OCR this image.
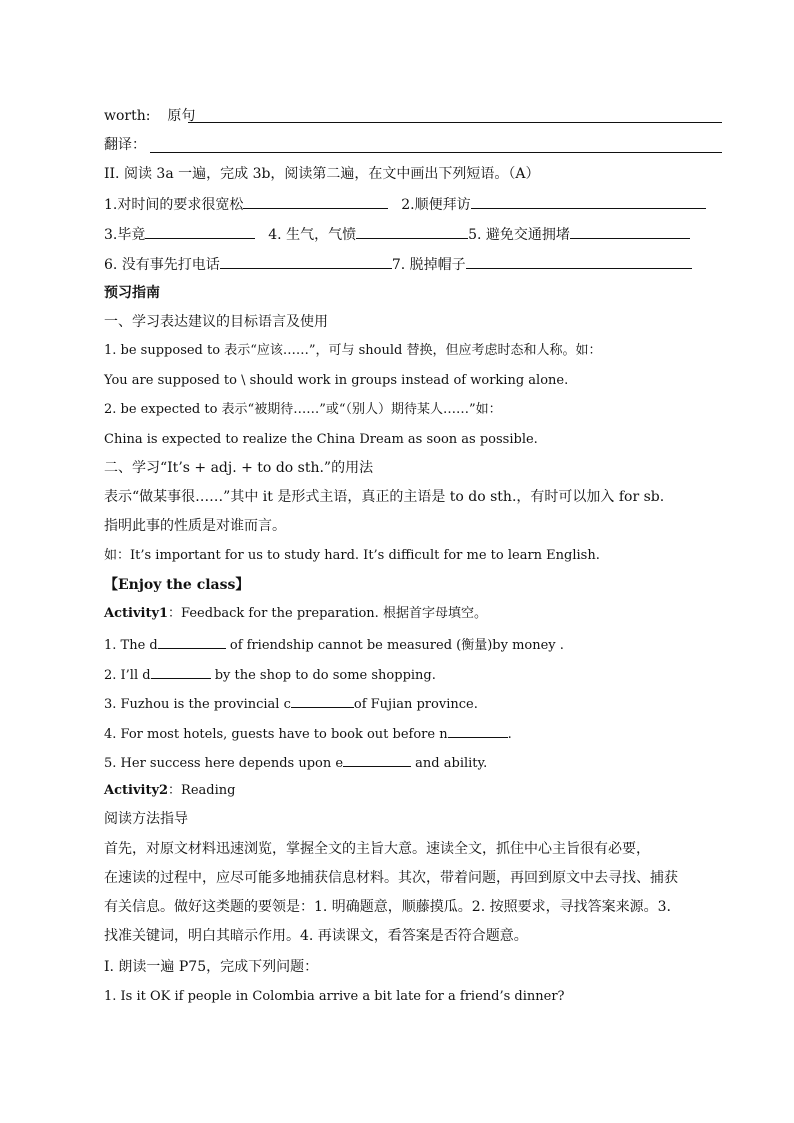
worth: 原句
翻译：
II. 阅读 3a 一遍，完成 3b，阅读第二遍，在文中画出下列短语。（A）
1.对时间的要求很宽松	2.顺便拜访
3.毕竟	4. 生气，气愤	5. 避免交通拥堵
6. 没有事先打电话	7. 脱掉帽子
预习指南
一、学习表达建议的目标语言及使用
1. be supposed to 表示“应该……”，可与 should 替换，但应考虑时态和人称。如：
You are supposed to \ should work in groups instead of working alone.
2. be expected to 表示“被期待……”或“（别人）期待某人……”如：
China is expected to realize the China Dream as soon as possible.
二、学习“It’s + adj. + to do sth.”的用法
表示“做某事很……”其中 it 是形式主语，真正的主语是 to do sth.，有时可以加入 for sb.
指明此事的性质是对谁而言。
如：It’s important for us to study hard. It’s difficult for me to learn English.
【Enjoy the class】
Activity1：Feedback for the preparation. 根据首字母填空。
1. The d	of friendship cannot be measured (衡量)by money .
2. I’ll d	by the shop to do some shopping.
3. Fuzhou is the provincial c	of Fujian province.
4. For most hotels, guests have to book out before n	.
5. Her success here depends upon e	and ability.
Activity2：Reading
阅读方法指导
首先，对原文材料迅速浏览，掌握全文的主旨大意。速读全文，抓住中心主旨很有必要，
在速读的过程中，应尽可能多地捕获信息材料。其次，带着问题，再回到原文中去寻找、捕获
有关信息。做好这类题的要领是：1. 明确题意，顺藤摸瓜。2. 按照要求，寻找答案来源。3.
找准关键词，明白其暗示作用。4. 再读课文，看答案是否符合题意。
I. 朗读一遍 P75，完成下列问题：
1. Is it OK if people in Colombia arrive a bit late for a friend’s dinner?
